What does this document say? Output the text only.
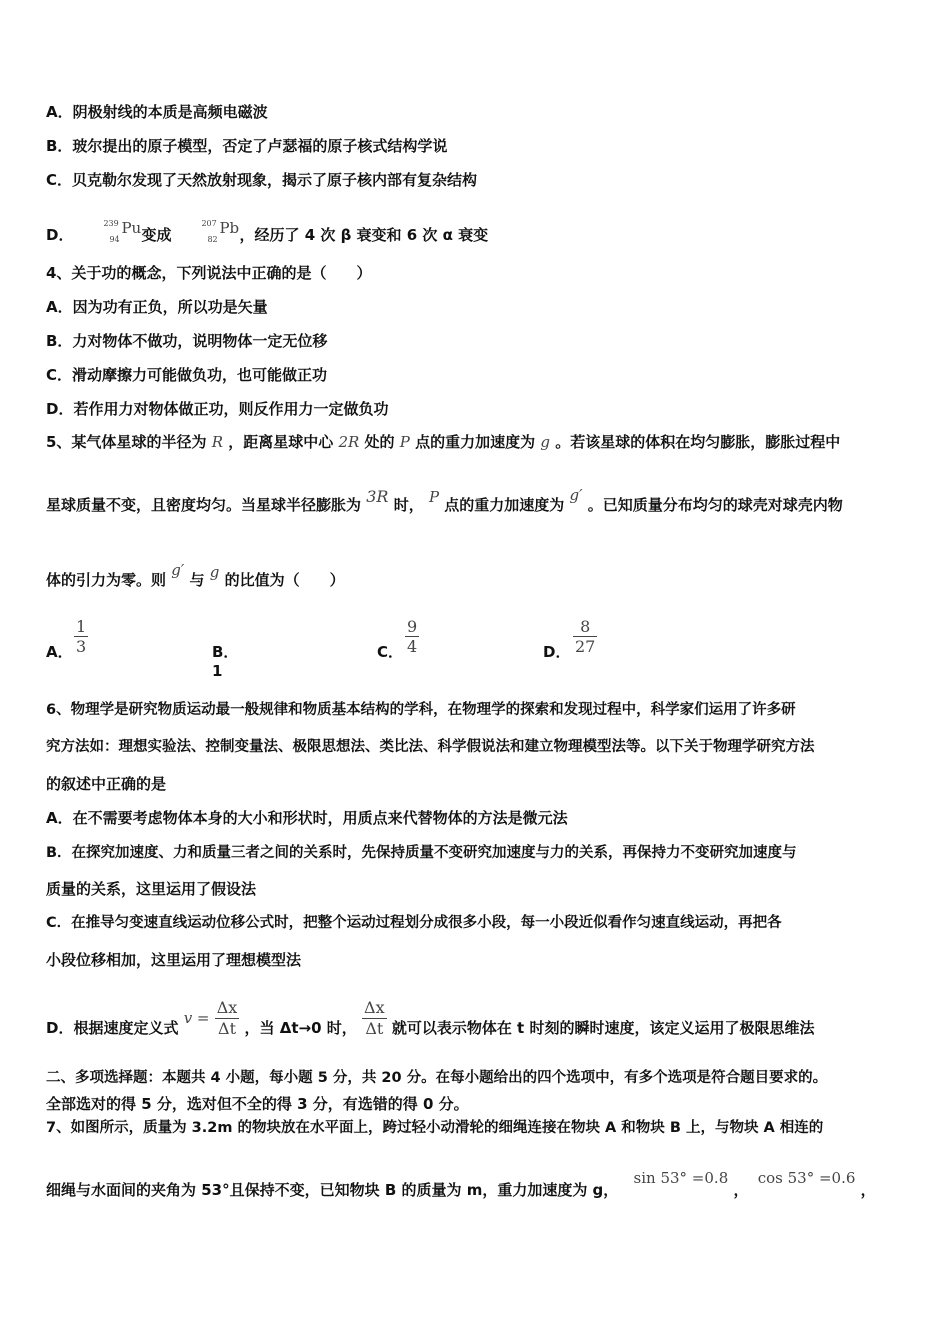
A．阴极射线的本质是高频电磁波
B．玻尔提出的原子模型，否定了卢瑟福的原子核式结构学说
C．贝克勒尔发现了天然放射现象，揭示了原子核内部有复杂结构
D．
239
94
Pu 变成
207
82
Pb ，经历了 4 次 β 衰变和 6 次 α 衰变
4、关于功的概念，下列说法中正确的是（　　）
A．因为功有正负，所以功是矢量
B．力对物体不做功，说明物体一定无位移
C．滑动摩擦力可能做负功，也可能做正功
D．若作用力对物体做正功，则反作用力一定做负功
5、某气体星球的半径为 R ，距离星球中心 2R 处的 P 点的重力加速度为 g 。若该星球的体积在均匀膨胀，膨胀过程中
星球质量不变，且密度均匀。当星球半径膨胀为 3R 时， P 点的重力加速度为 g′ 。已知质量分布均匀的球壳对球壳内物
体的引力为零。则 g′ 与 g 的比值为（　　）
A． $\frac{1}{3}$	B．1
C． $\frac{9}{4}$	D． $\frac{8}{27}$
6、物理学是研究物质运动最一般规律和物质基本结构的学科，在物理学的探索和发现过程中，科学家们运用了许多研
究方法如：理想实验法、控制变量法、极限思想法、类比法、科学假说法和建立物理模型法等。以下关于物理学研究方法
的叙述中正确的是
A．在不需要考虑物体本身的大小和形状时，用质点来代替物体的方法是微元法
B．在探究加速度、力和质量三者之间的关系时，先保持质量不变研究加速度与力的关系，再保持力不变研究加速度与
质量的关系，这里运用了假设法
C．在推导匀变速直线运动位移公式时，把整个运动过程划分成很多小段，每一小段近似看作匀速直线运动，再把各
小段位移相加，这里运用了理想模型法
D．根据速度定义式 $v = \frac{\Delta x}{\Delta t}$ ，当 Δt→0 时， $\frac{\Delta x}{\Delta t}$ 就可以表示物体在 t 时刻的瞬时速度，该定义运用了极限思维法
二、多项选择题：本题共 4 小题，每小题 5 分，共 20 分。在每小题给出的四个选项中，有多个选项是符合题目要求的。
全部选对的得 5 分，选对但不全的得 3 分，有选错的得 0 分。
7、如图所示，质量为 3.2m 的物块放在水平面上，跨过轻小动滑轮的细绳连接在物块 A 和物块 B 上，与物块 A 相连的
细绳与水面间的夹角为 53°且保持不变，已知物块 B 的质量为 m，重力加速度为 g， sin 53° =0.8 ， cos 53° =0.6 ，
